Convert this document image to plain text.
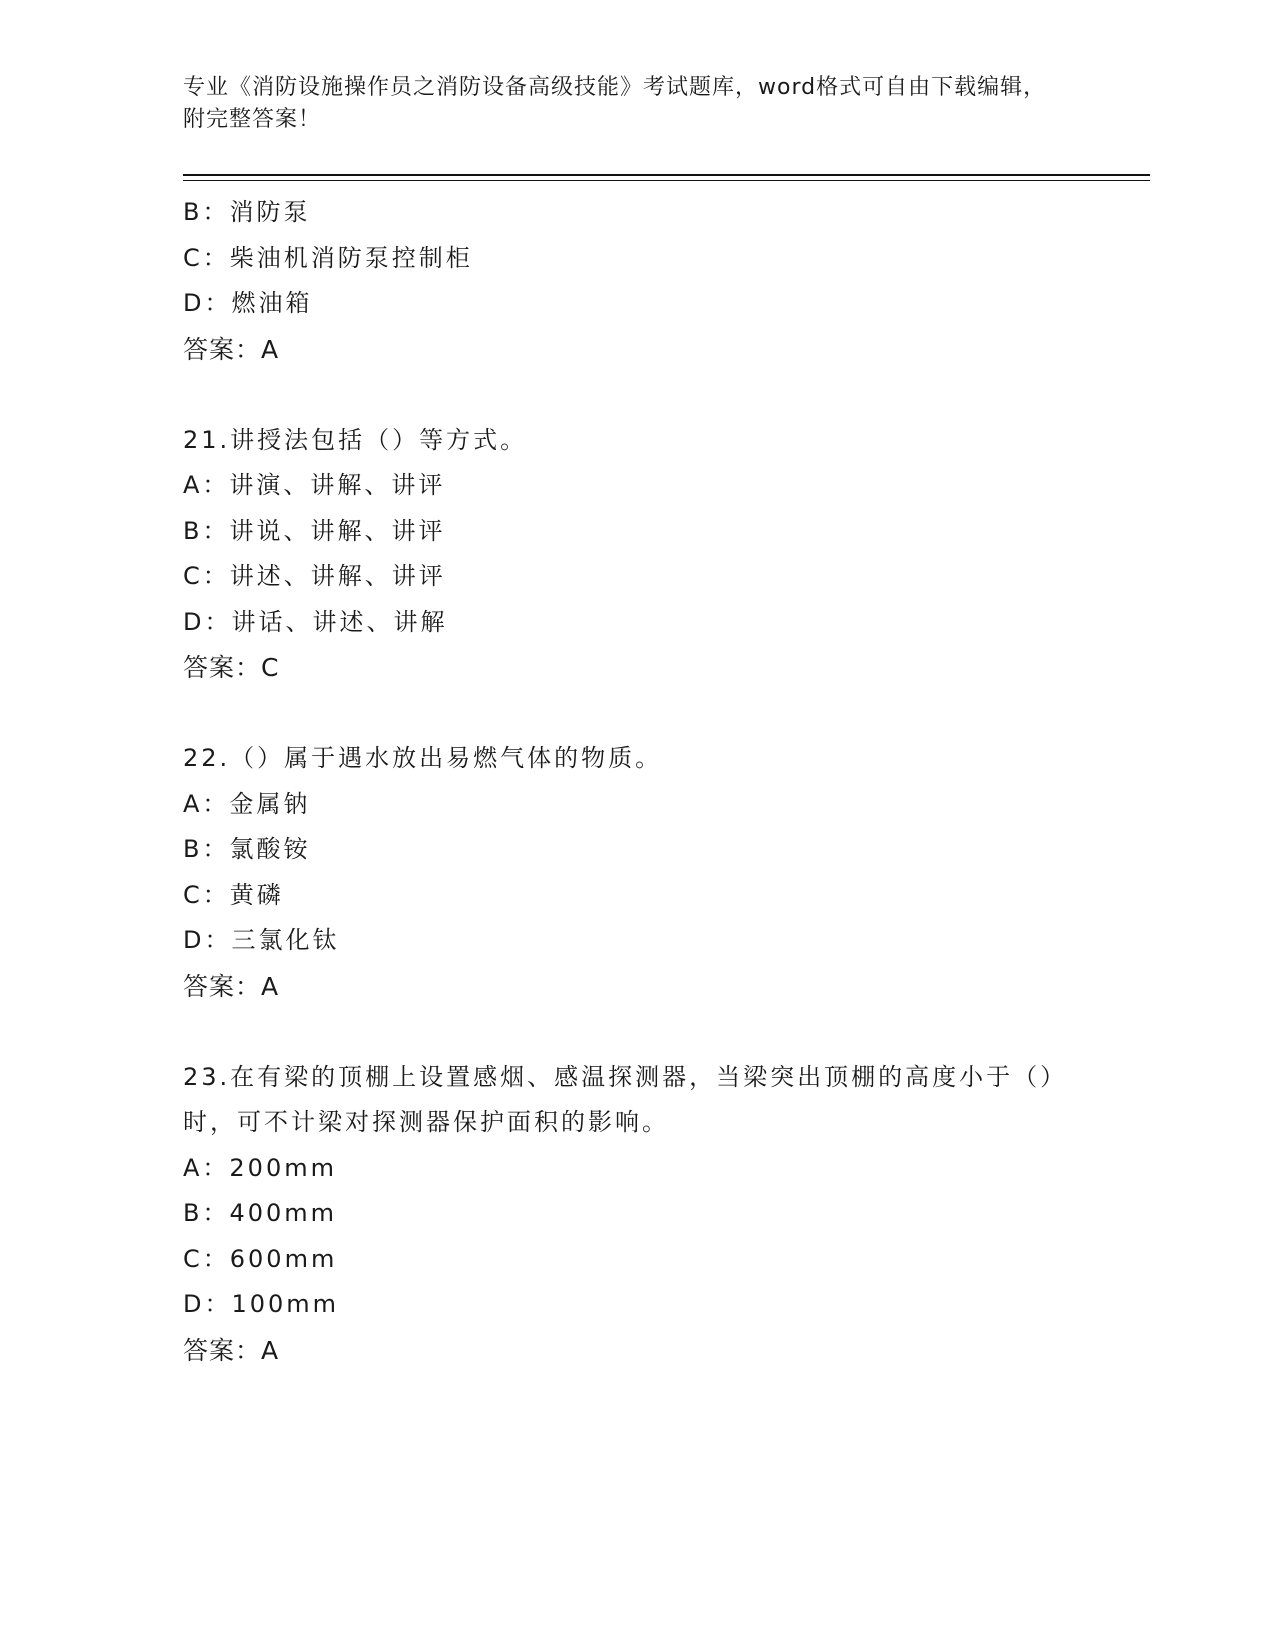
专业《消防设施操作员之消防设备高级技能》考试题库，word格式可自由下载编辑，附完整答案！
B：消防泵
C：柴油机消防泵控制柜
D：燃油箱
答案：A
21.讲授法包括（）等方式。
A：讲演、讲解、讲评
B：讲说、讲解、讲评
C：讲述、讲解、讲评
D：讲话、讲述、讲解
答案：C
22.（）属于遇水放出易燃气体的物质。
A：金属钠
B：氯酸铵
C：黄磷
D：三氯化钛
答案：A
23.在有梁的顶棚上设置感烟、感温探测器，当梁突出顶棚的高度小于（）时，可不计梁对探测器保护面积的影响。
A：200mm
B：400mm
C：600mm
D：100mm
答案：A
